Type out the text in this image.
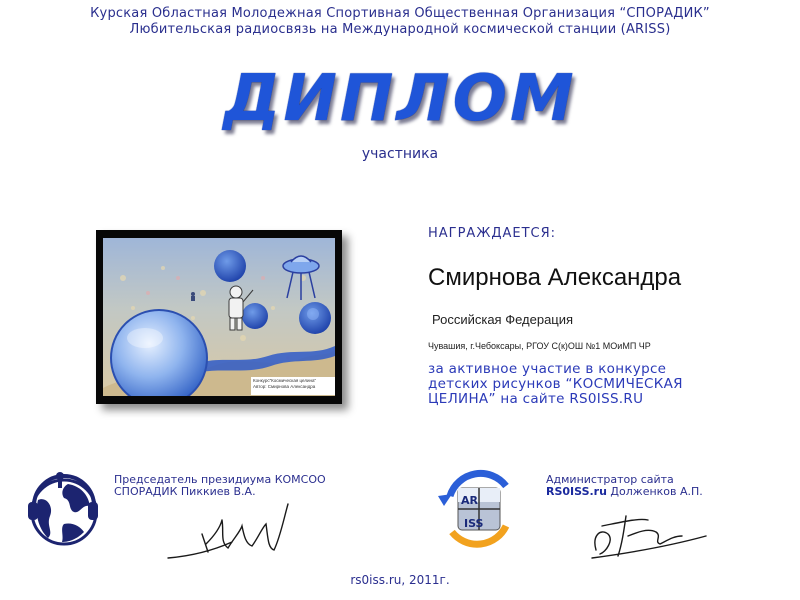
Курская Областная Молодежная Спортивная Общественная Организация “СПОРАДИК”
Любительская радиосвязь на Международной космической станции (ARISS)
ДИПЛОМ
участника
Конкурс"Космическая целина"
Автор: Смирнова Александра
НАГРАЖДАЕТСЯ:
Смирнова Александра
Российская Федерация
Чувашия, г.Чебоксары, РГОУ С(к)ОШ №1 МОиМП ЧР
за активное участие в конкурсе
детских рисунков “КОСМИЧЕСКАЯ
ЦЕЛИНА” на сайте RS0ISS.RU
Председатель президиума КОМСОО
СПОРАДИК Пиккиев В.А.
AR
ISS
Администратор сайта
RS0ISS.ru Долженков А.П.
rs0iss.ru, 2011г.
